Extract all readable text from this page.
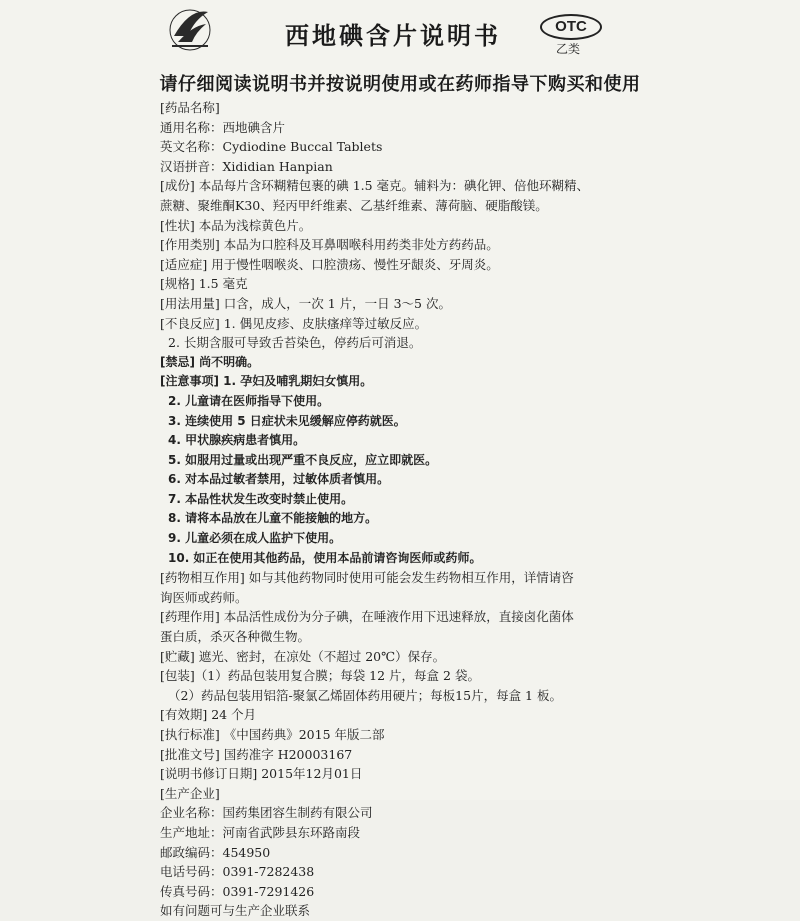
西地碘含片说明书	OTC
乙类
请仔细阅读说明书并按说明使用或在药师指导下购买和使用
[药品名称]
通用名称：西地碘含片
英文名称：Cydiodine Buccal Tablets
汉语拼音：Xididian Hanpian
[成份] 本品每片含环糊精包裹的碘 1.5 毫克。辅料为：碘化钾、倍他环糊精、
蔗糖、聚维酮K30、羟丙甲纤维素、乙基纤维素、薄荷脑、硬脂酸镁。
[性状] 本品为浅棕黄色片。
[作用类别] 本品为口腔科及耳鼻咽喉科用药类非处方药药品。
[适应症] 用于慢性咽喉炎、口腔溃疡、慢性牙龈炎、牙周炎。
[规格] 1.5 毫克
[用法用量] 口含，成人，一次 1 片，一日 3～5 次。
[不良反应] 1. 偶见皮疹、皮肤瘙痒等过敏反应。
2. 长期含服可导致舌苔染色，停药后可消退。
[禁忌] 尚不明确。
[注意事项] 1. 孕妇及哺乳期妇女慎用。
2. 儿童请在医师指导下使用。
3. 连续使用 5 日症状未见缓解应停药就医。
4. 甲状腺疾病患者慎用。
5. 如服用过量或出现严重不良反应，应立即就医。
6. 对本品过敏者禁用，过敏体质者慎用。
7. 本品性状发生改变时禁止使用。
8. 请将本品放在儿童不能接触的地方。
9. 儿童必须在成人监护下使用。
10. 如正在使用其他药品，使用本品前请咨询医师或药师。
[药物相互作用] 如与其他药物同时使用可能会发生药物相互作用，详情请咨
询医师或药师。
[药理作用] 本品活性成份为分子碘，在唾液作用下迅速释放，直接卤化菌体
蛋白质，杀灭各种微生物。
[贮藏] 遮光、密封，在凉处（不超过 20℃）保存。
[包装]（1）药品包装用复合膜；每袋 12 片，每盒 2 袋。
（2）药品包装用铝箔-聚氯乙烯固体药用硬片；每板15片，每盒 1 板。
[有效期] 24 个月
[执行标准] 《中国药典》2015 年版二部
[批准文号] 国药准字 H20003167
[说明书修订日期] 2015年12月01日
[生产企业]
企业名称：国药集团容生制药有限公司
生产地址：河南省武陟县东环路南段
邮政编码：454950
电话号码：0391-7282438
传真号码：0391-7291426
如有问题可与生产企业联系
